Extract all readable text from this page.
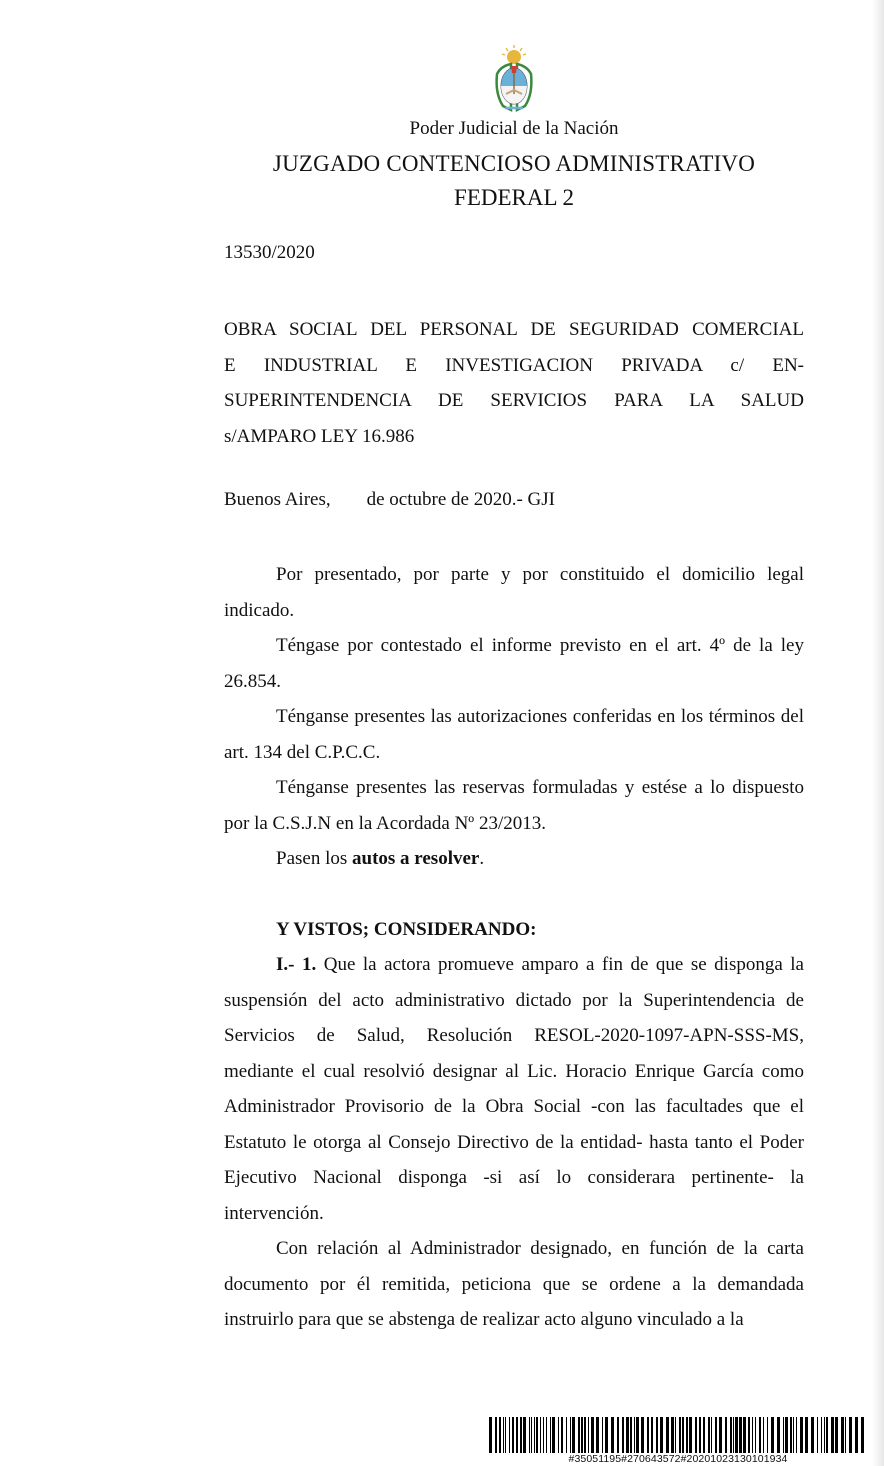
Poder Judicial de la Nación
JUZGADO CONTENCIOSO ADMINISTRATIVO
FEDERAL 2
13530/2020
OBRA SOCIAL DEL PERSONAL DE SEGURIDAD COMERCIAL
E INDUSTRIAL E INVESTIGACION PRIVADA c/ EN-
SUPERINTENDENCIA DE SERVICIOS PARA LA SALUD
s/AMPARO LEY 16.986
Buenos Aires, de octubre de 2020.- GJI

Por presentado, por parte y por constituido el domicilio legal indicado.

Téngase por contestado el informe previsto en el art. 4º de la ley 26.854.

Ténganse presentes las autorizaciones conferidas en los términos del art. 134 del C.P.C.C.

Ténganse presentes las reservas formuladas y estése a lo dispuesto por la C.S.J.N en la Acordada Nº 23/2013.

Pasen los autos a resolver.

Y VISTOS; CONSIDERANDO:

I.- 1. Que la actora promueve amparo a fin de que se disponga la suspensión del acto administrativo dictado por la Superintendencia de Servicios de Salud, Resolución RESOL-2020-1097-APN-SSS-MS, mediante el cual resolvió designar al Lic. Horacio Enrique García como Administrador Provisorio de la Obra Social -con las facultades que el Estatuto le otorga al Consejo Directivo de la entidad- hasta tanto el Poder Ejecutivo Nacional disponga -si así lo considerara pertinente- la intervención.

Con relación al Administrador designado, en función de la carta documento por él remitida, peticiona que se ordene a la demandada instruirlo para que se abstenga de realizar acto alguno vinculado a la

#35051195#270643572#20201023130101934
